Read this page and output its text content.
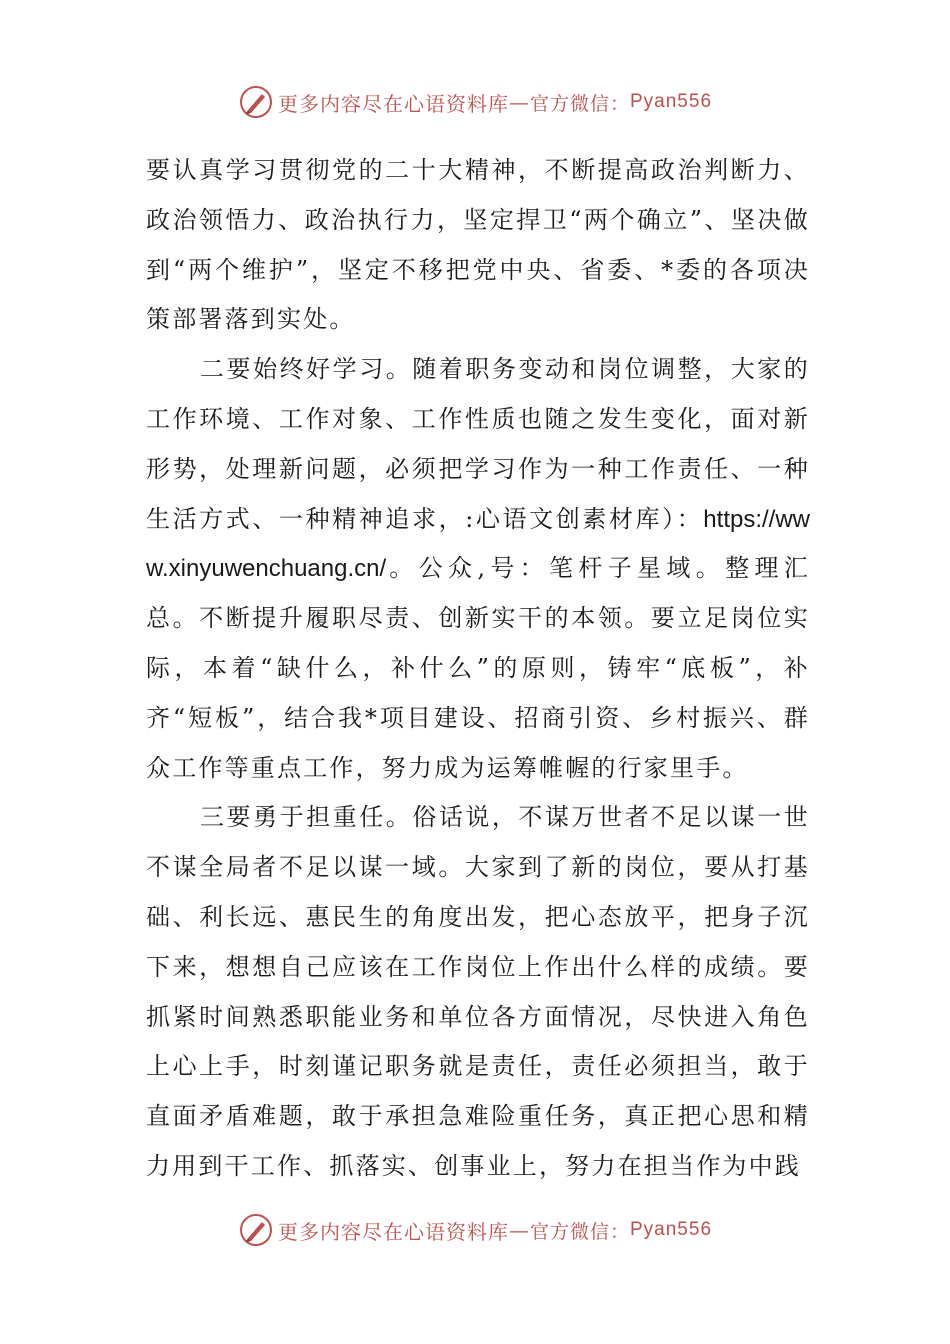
更多内容尽在心语资料库 — 官方微信： Pyan556

要认真学习贯彻党的二十大精神，不断提高政治判断力、政治领悟力、政治执行力，坚定捍卫“两个确立”、坚决做到“两个维护”，坚定不移把党中央、省委、*委的各项决策部署落到实处。

二要始终好学习。随着职务变动和岗位调整，大家的工作环境、工作对象、工作性质也随之发生变化，面对新形势，处理新问题，必须把学习作为一种工作责任、一种生活方式、一种精神追求，:心语文创素材库）：https://www.xinyuwenchuang.cn/。公众,号：笔杆子星域。整理汇总。不断提升履职尽责、创新实干的本领。要立足岗位实际，本着“缺什么，补什么”的原则，铸牢“底板”，补齐“短板”，结合我*项目建设、招商引资、乡村振兴、群众工作等重点工作，努力成为运筹帷幄的行家里手。

三要勇于担重任。俗话说，不谋万世者不足以谋一世不谋全局者不足以谋一域。大家到了新的岗位，要从打基础、利长远、惠民生的角度出发，把心态放平，把身子沉下来，想想自己应该在工作岗位上作出什么样的成绩。要抓紧时间熟悉职能业务和单位各方面情况，尽快进入角色上心上手，时刻谨记职务就是责任，责任必须担当，敢于直面矛盾难题，敢于承担急难险重任务，真正把心思和精力用到干工作、抓落实、创事业上，努力在担当作为中践

更多内容尽在心语资料库 — 官方微信： Pyan556
